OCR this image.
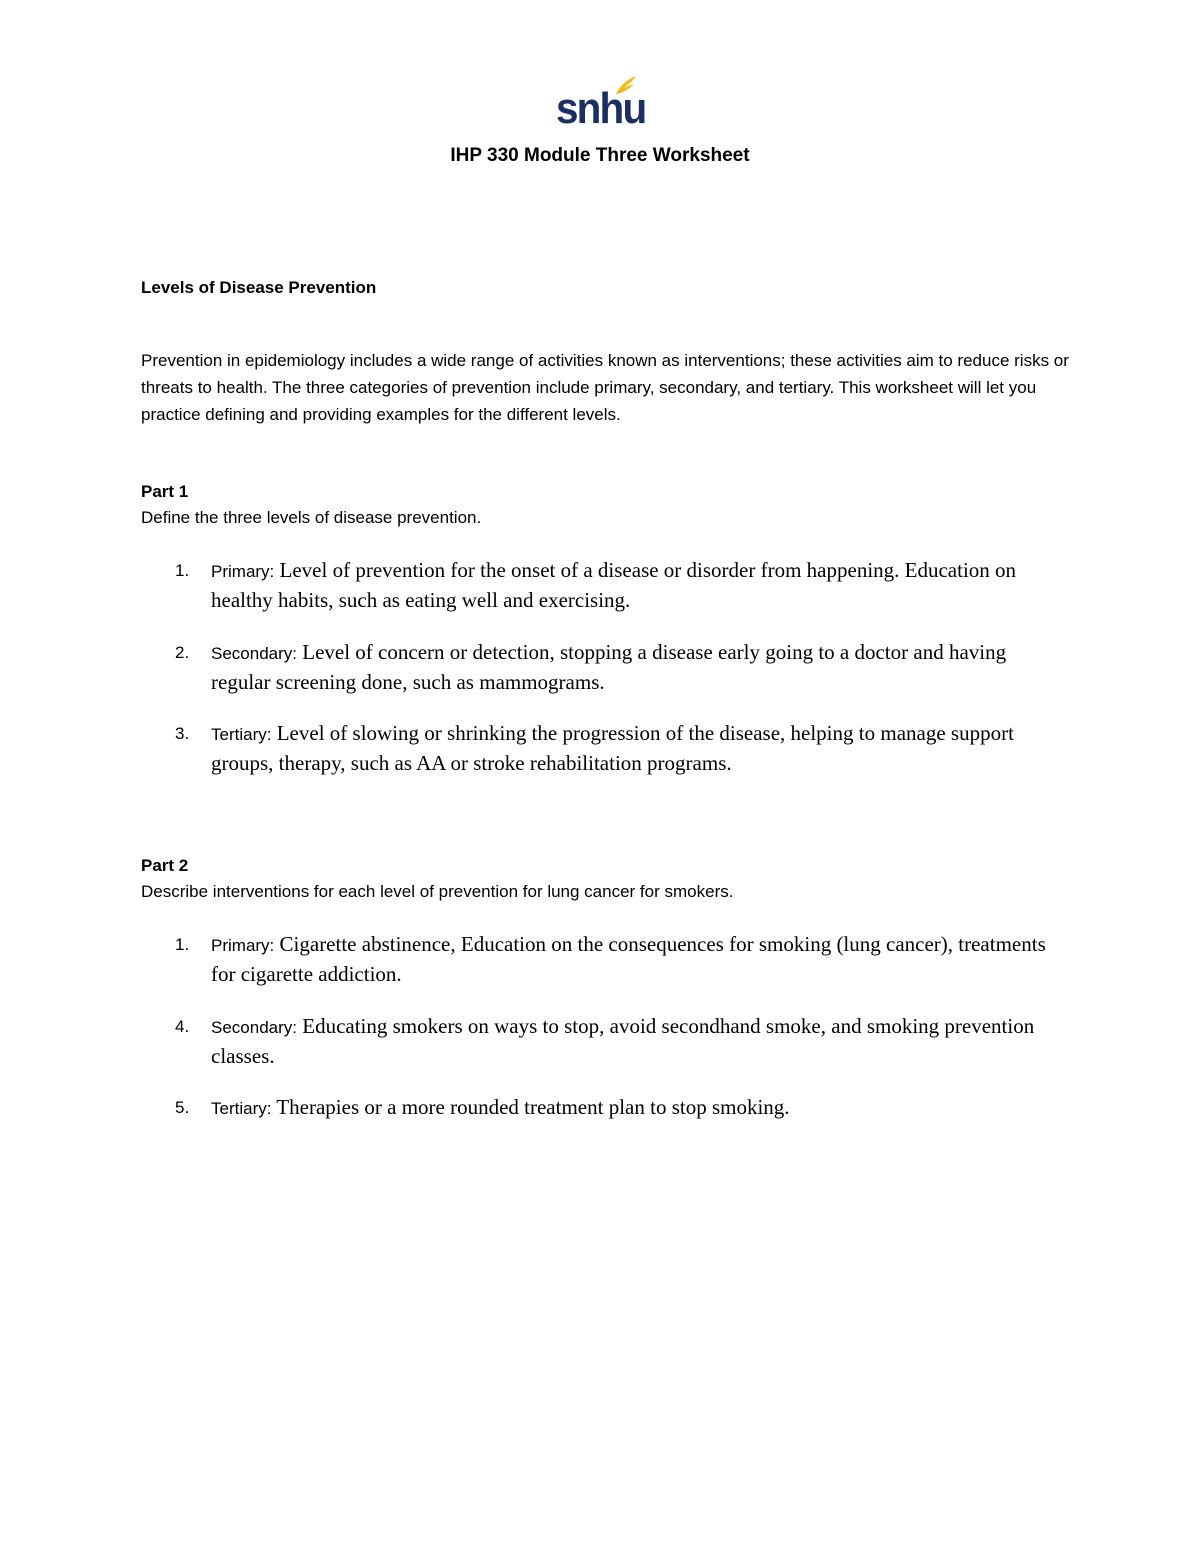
snhu
IHP 330 Module Three Worksheet
Levels of Disease Prevention
Prevention in epidemiology includes a wide range of activities known as interventions; these activities aim to reduce risks or threats to health. The three categories of prevention include primary, secondary, and tertiary. This worksheet will let you practice defining and providing examples for the different levels.
Part 1
Define the three levels of disease prevention.
1. Primary: Level of prevention for the onset of a disease or disorder from happening. Education on healthy habits, such as eating well and exercising.
2. Secondary: Level of concern or detection, stopping a disease early going to a doctor and having regular screening done, such as mammograms.
3. Tertiary: Level of slowing or shrinking the progression of the disease, helping to manage support groups, therapy, such as AA or stroke rehabilitation programs.
Part 2
Describe interventions for each level of prevention for lung cancer for smokers.
1. Primary: Cigarette abstinence, Education on the consequences for smoking (lung cancer), treatments for cigarette addiction.
4. Secondary: Educating smokers on ways to stop, avoid secondhand smoke, and smoking prevention classes.
5. Tertiary: Therapies or a more rounded treatment plan to stop smoking.
